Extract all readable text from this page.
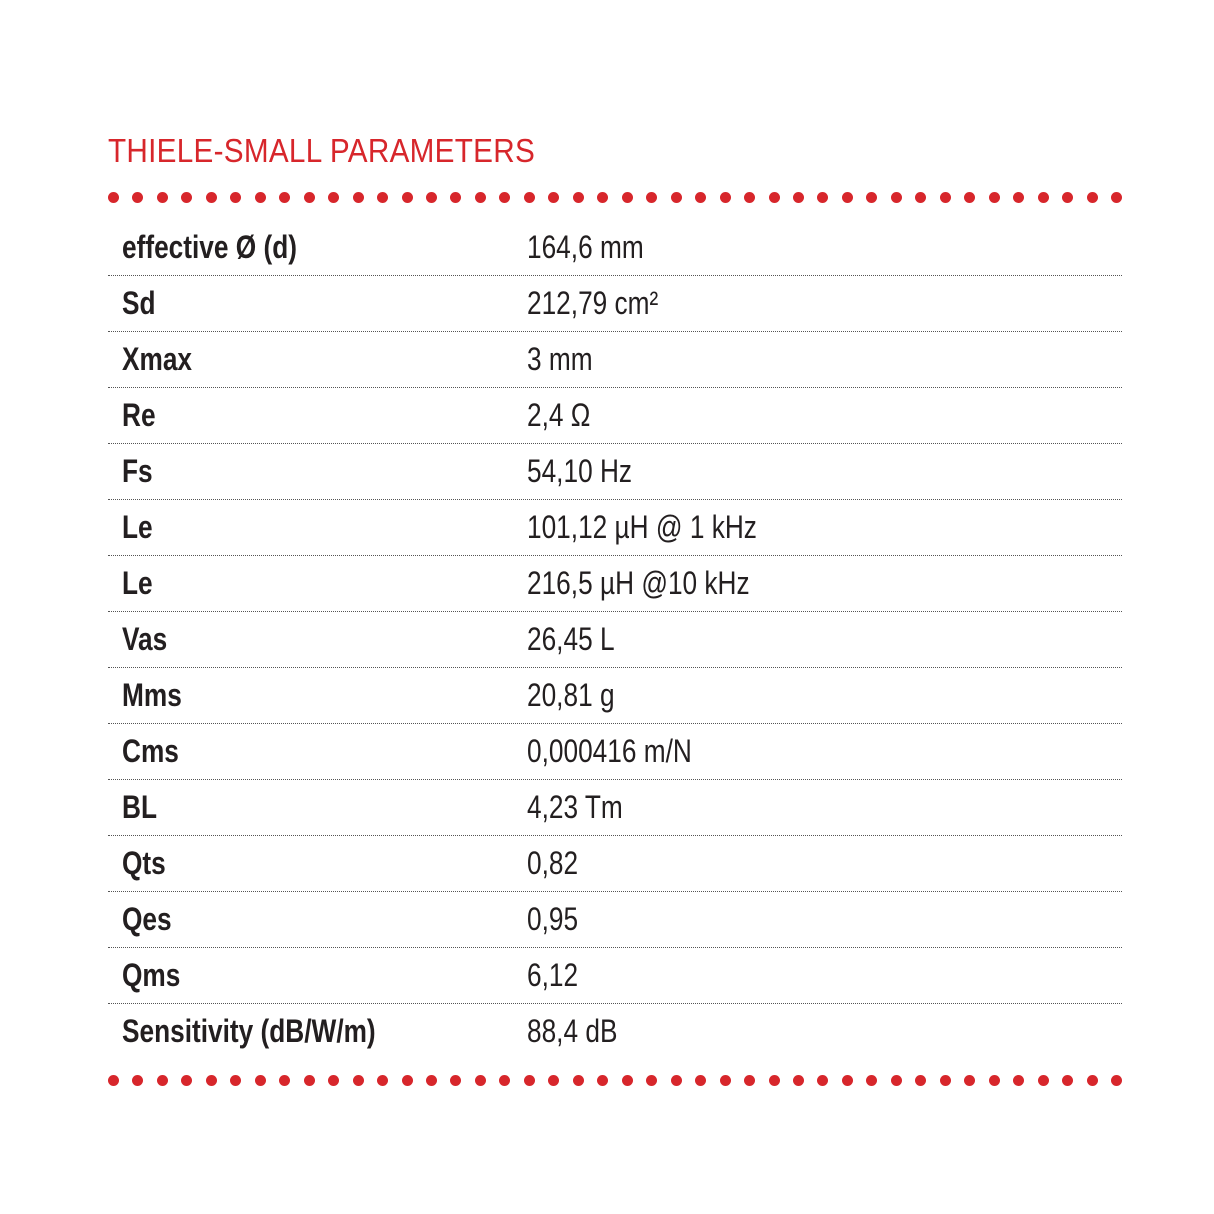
THIELE-SMALL PARAMETERS
effective Ø (d)	164,6 mm
Sd	212,79 cm²
Xmax	3 mm
Re	2,4 Ω
Fs	54,10 Hz
Le	101,12 µH @ 1 kHz
Le	216,5 µH @10 kHz
Vas	26,45 L
Mms	20,81 g
Cms	0,000416 m/N
BL	4,23 Tm
Qts	0,82
Qes	0,95
Qms	6,12
Sensitivity (dB/W/m)	88,4 dB
